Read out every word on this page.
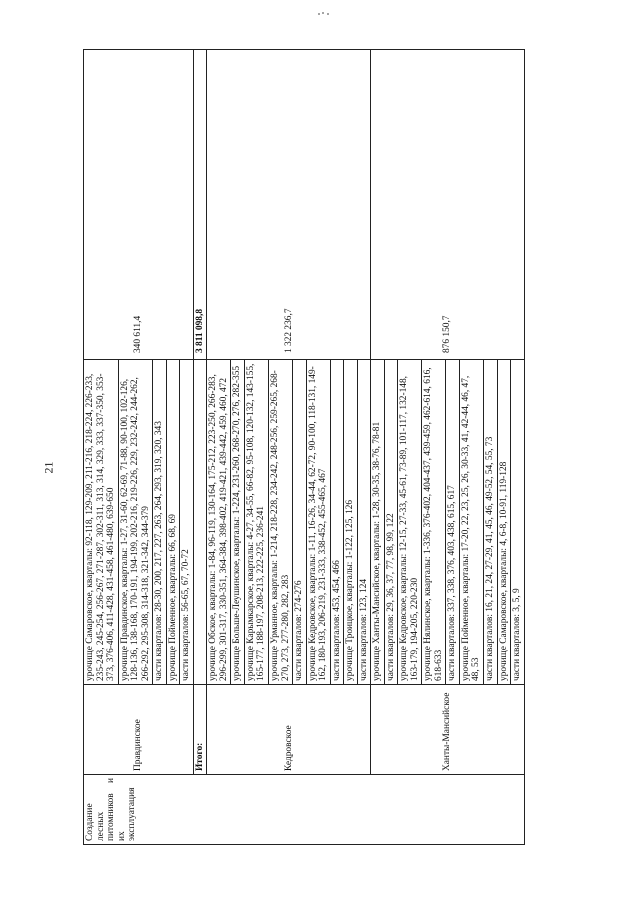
21
Создание лесных питомников и их эксплуатация	Правдинское	урочище Самаровское, кварталы: 92-118, 129-209, 211-216, 218-224, 226-233, 235-243, 245-254, 256-267, 271-287, 302-311, 313, 314, 329, 333, 337-350, 353-373, 376-406, 411-428, 431-458, 461-480, 639-650	340 611,4
		урочище Правдинское, кварталы: 1-27, 31-60, 62-69, 71-88, 90-100, 102-126, 128-136, 138-168, 170-191, 194-199, 202-216, 219-226, 229, 232-242, 244-262, 266-292, 295-308, 314-318, 321-342, 344-379	
		части кварталов: 28-30, 200, 217, 227, 263, 264, 293, 319, 320, 343	
		урочище Пойменное, кварталы: 66, 68, 69	
		части кварталов: 56-65, 67, 70-72	
	Итого:		3 811 098,8
	Кедровское	урочище Обское, кварталы: 1-84, 96-119, 130-164, 175-212, 223-250, 266-283, 296-299, 301-317, 330-351, 364-384, 398-402, 419-421, 439-442, 459, 460, 472	1 322 236,7
		урочище Больше-Леушинское, кварталы: 1-224, 231-260, 268-270, 276, 282-355	
		урочище Карымкарское, кварталы: 4-27, 34-55, 66-82, 95-108, 120-132, 143-155, 165-177, 188-197, 208-213, 222-225, 236-241	
		урочище Урманное, кварталы: 1-214, 218-228, 234-242, 248-256, 259-265, 268-270, 273, 277-280, 282, 283	
		части кварталов: 274-276	
		урочище Кедровское, кварталы: 1-11, 16-26, 34-44, 62-72, 90-100, 118-131, 149-162, 180-193, 206-219, 231-333, 338-452, 455-465, 467	
		части кварталов: 453, 454, 466	
		урочище Троицкое, кварталы: 1-122, 125, 126	
		части кварталов: 123, 124	
	Ханты-Мансийское	урочище Ханты-Мансийское, кварталы: 1-28, 30-35, 38-76, 78-81	876 150,7
		части кварталов: 29, 36, 37, 77, 98, 99, 122	
		урочище Кедровское, кварталы: 12-15, 27-33, 45-61, 73-89, 101-117, 132-148, 163-179, 194-205, 220-230	
		урочище Нялинское, кварталы: 1-336, 376-402, 404-437, 439-459, 462-614, 616, 618-633	
		части кварталов: 337, 338, 376, 403, 438, 615, 617	
		урочище Пойменное, кварталы: 17-20, 22, 23, 25, 26, 30-33, 41, 42-44, 46, 47, 48, 53	
		части кварталов: 16, 21, 24, 27-29, 41, 45, 46, 49-52, 54, 55, 73	
		урочище Самаровское, кварталы: 4, 6-8, 10-91, 119-128	
		части кварталов: 3, 5, 9	
